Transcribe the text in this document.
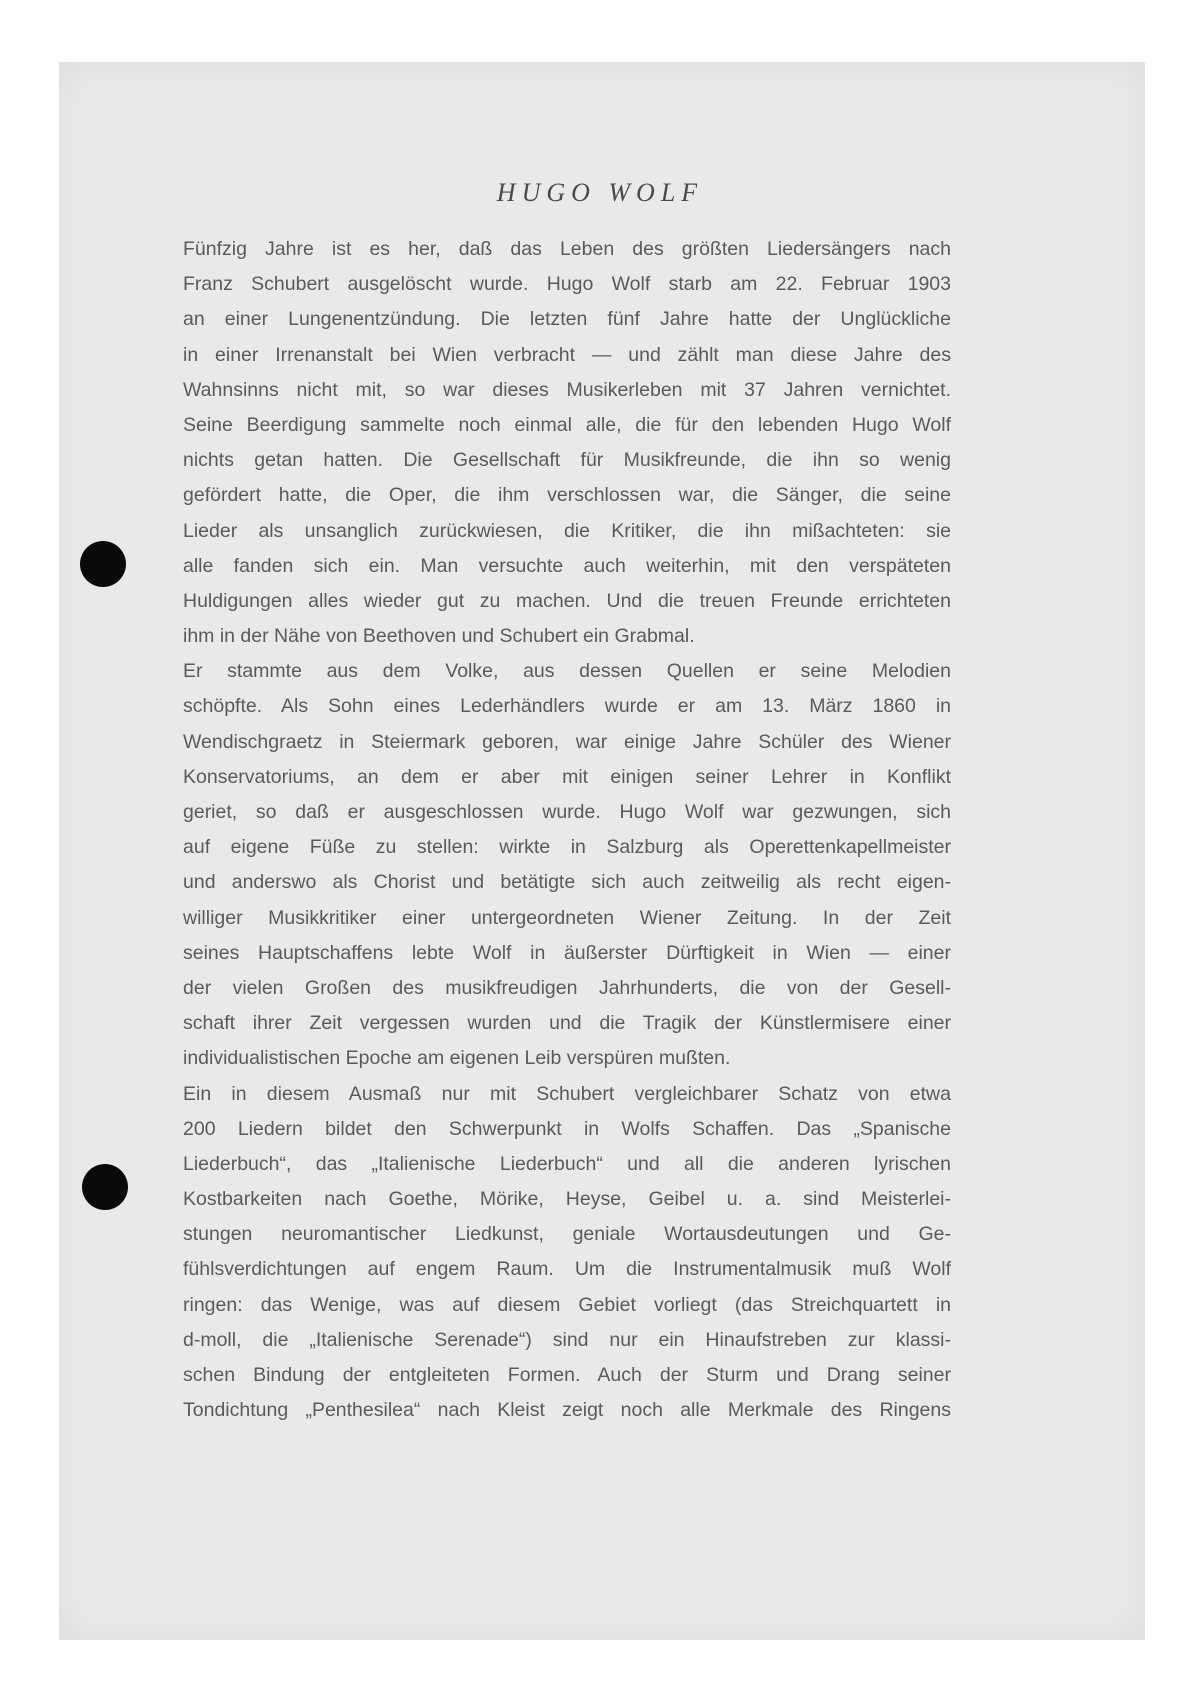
HUGO WOLF
Fünfzig Jahre ist es her, daß das Leben des größten Liedersängers nach
Franz Schubert ausgelöscht wurde. Hugo Wolf starb am 22. Februar 1903
an einer Lungenentzündung. Die letzten fünf Jahre hatte der Unglückliche
in einer Irrenanstalt bei Wien verbracht — und zählt man diese Jahre des
Wahnsinns nicht mit, so war dieses Musikerleben mit 37 Jahren vernichtet.
Seine Beerdigung sammelte noch einmal alle, die für den lebenden Hugo Wolf
nichts getan hatten. Die Gesellschaft für Musikfreunde, die ihn so wenig
gefördert hatte, die Oper, die ihm verschlossen war, die Sänger, die seine
Lieder als unsanglich zurückwiesen, die Kritiker, die ihn mißachteten: sie
alle fanden sich ein. Man versuchte auch weiterhin, mit den verspäteten
Huldigungen alles wieder gut zu machen. Und die treuen Freunde errichteten
ihm in der Nähe von Beethoven und Schubert ein Grabmal.
Er stammte aus dem Volke, aus dessen Quellen er seine Melodien
schöpfte. Als Sohn eines Lederhändlers wurde er am 13. März 1860 in
Wendischgraetz in Steiermark geboren, war einige Jahre Schüler des Wiener
Konservatoriums, an dem er aber mit einigen seiner Lehrer in Konflikt
geriet, so daß er ausgeschlossen wurde. Hugo Wolf war gezwungen, sich
auf eigene Füße zu stellen: wirkte in Salzburg als Operettenkapellmeister
und anderswo als Chorist und betätigte sich auch zeitweilig als recht eigen-
williger Musikkritiker einer untergeordneten Wiener Zeitung. In der Zeit
seines Hauptschaffens lebte Wolf in äußerster Dürftigkeit in Wien — einer
der vielen Großen des musikfreudigen Jahrhunderts, die von der Gesell-
schaft ihrer Zeit vergessen wurden und die Tragik der Künstlermisere einer
individualistischen Epoche am eigenen Leib verspüren mußten.
Ein in diesem Ausmaß nur mit Schubert vergleichbarer Schatz von etwa
200 Liedern bildet den Schwerpunkt in Wolfs Schaffen. Das „Spanische
Liederbuch“, das „Italienische Liederbuch“ und all die anderen lyrischen
Kostbarkeiten nach Goethe, Mörike, Heyse, Geibel u. a. sind Meisterlei-
stungen neuromantischer Liedkunst, geniale Wortausdeutungen und Ge-
fühlsverdichtungen auf engem Raum. Um die Instrumentalmusik muß Wolf
ringen: das Wenige, was auf diesem Gebiet vorliegt (das Streichquartett in
d-moll, die „Italienische Serenade“) sind nur ein Hinaufstreben zur klassi-
schen Bindung der entgleiteten Formen. Auch der Sturm und Drang seiner
Tondichtung „Penthesilea“ nach Kleist zeigt noch alle Merkmale des Ringens
